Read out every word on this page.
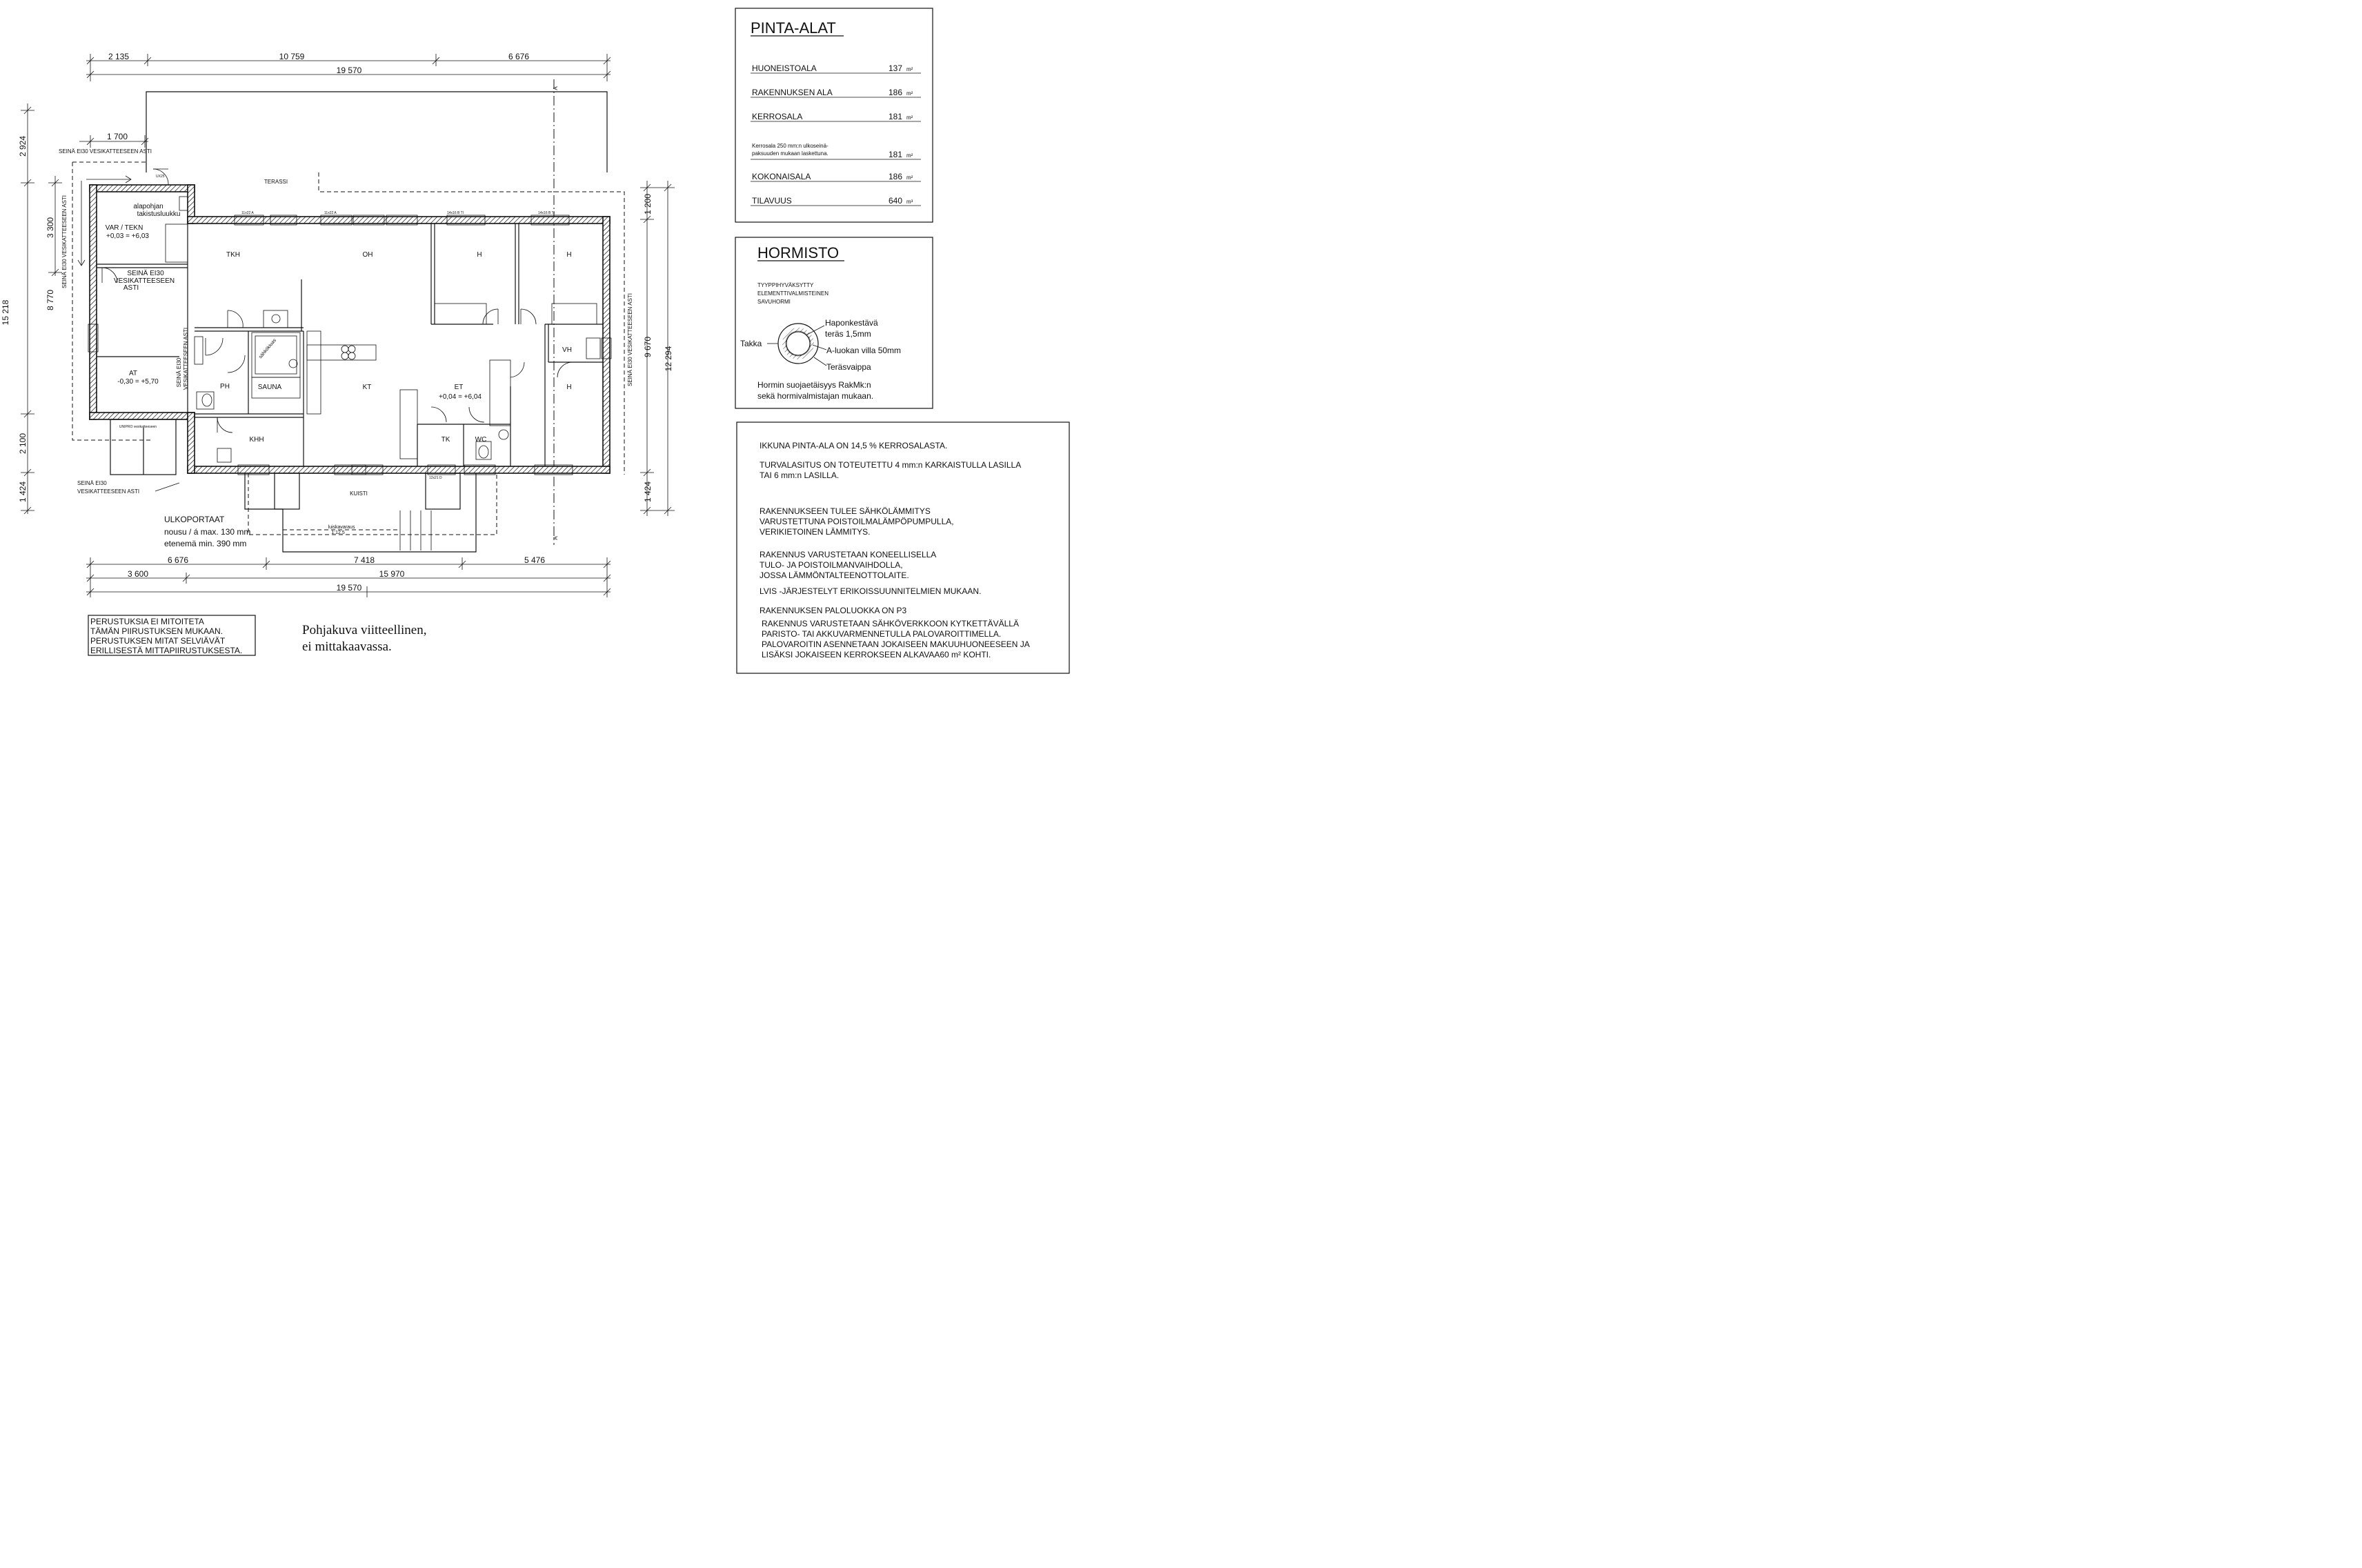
2 135	10 759	6 676
19 570
1 700
2 924
15 218
2 100
1 424
3 300
8 770
1 200
9 670
1 424
12 294
6 676	7 418	5 476
3 600	15 970
19 570
TERASSI
A
A
KUISTI
luiskavaraus
1:12,5
UNIPRO vesikatteeseen
VAR / TEKN
+0,03 = +6,03
alapohjan
takistusluukku
TKH	OH	H	H
VH
H
SEINÄ EI30
VESIKATTEESEEN
ASTI
AT
-0,30 = +5,70
PH	SAUNA
sähkökiuas
KT	ET
+0,04 = +6,04
TK	WC
KHH
SEINÄ EI30 VESIKATTEESEEN ASTI
SEINÄ EI30 VESIKATTEESEEN ASTI
SEINÄ EI30 VESIKATTEESEEN ASTI	SEINÄ EI30 VESIKATTEESEEN ASTI
SEINÄ EI30
VESIKATTEESEEN ASTI
11x22 A	11x22 A	14x16 B TI	14x16 B TI
12x21 D
UX25
ULKOPORTAAT
nousu / á max. 130 mm
etenemä min. 390 mm
PERUSTUKSIA EI MITOITETA
TÄMÄN PIIRUSTUKSEN MUKAAN.
PERUSTUKSEN MITAT SELVIÄVÄT
ERILLISESTÄ MITTAPIIRUSTUKSESTA.
Pohjakuva viitteellinen,
ei mittakaavassa.
PINTA-ALAT
HUONEISTOALA	137 m²
RAKENNUKSEN ALA	186 m²
KERROSALA	181 m²
Kerrosala 250 mm:n ulkoseinä-
paksuuden mukaan laskettuna.	181 m²
KOKONAISALA	186 m²
TILAVUUS	640 m³
HORMISTO
TYYPPIHYVÄKSYTTY
ELEMENTTIVALMISTEINEN
SAVUHORMI
Takka
Haponkestävä
teräs 1,5mm
A-luokan villa 50mm
Teräsvaippa
Hormin suojaetäisyys RakMk:n
sekä hormivalmistajan mukaan.
IKKUNA PINTA-ALA ON 14,5 % KERROSALASTA.
TURVALASITUS ON TOTEUTETTU 4 mm:n KARKAISTULLA LASILLA
TAI 6 mm:n LASILLA.
RAKENNUKSEEN TULEE SÄHKÖLÄMMITYS
VARUSTETTUNA POISTOILMALÄMPÖPUMPULLA,
VERIKIETOINEN LÄMMITYS.
RAKENNUS VARUSTETAAN KONEELLISELLA
TULO- JA POISTOILMANVAIHDOLLA,
JOSSA LÄMMÖNTALTEENOTTOLAITE.
LVIS -JÄRJESTELYT ERIKOISSUUNNITELMIEN MUKAAN.
RAKENNUKSEN PALOLUOKKA ON P3
RAKENNUS VARUSTETAAN SÄHKÖVERKKOON KYTKETTÄVÄLLÄ
PARISTO- TAI AKKUVARMENNETULLA PALOVAROITTIMELLA.
PALOVAROITIN ASENNETAAN JOKAISEEN MAKUUHUONEESEEN JA
LISÄKSI JOKAISEEN KERROKSEEN ALKAVAA60 m² KOHTI.
